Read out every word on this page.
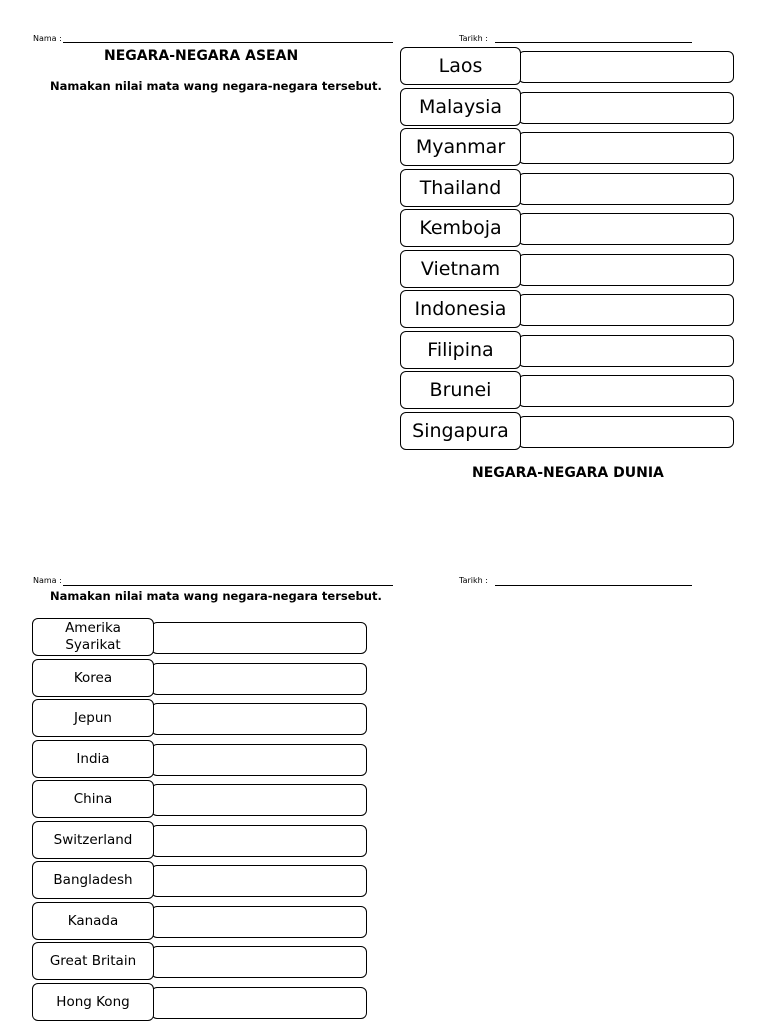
Nama :	Tarikh :
NEGARA-NEGARA ASEAN
Namakan nilai mata wang negara-negara tersebut.
Laos
Malaysia
Myanmar
Thailand
Kemboja
Vietnam
Indonesia
Filipina
Brunei
Singapura
NEGARA-NEGARA DUNIA
Nama :	Tarikh :
Namakan nilai mata wang negara-negara tersebut.
Amerika Syarikat
Korea
Jepun
India
China
Switzerland
Bangladesh
Kanada
Great Britain
Hong Kong
